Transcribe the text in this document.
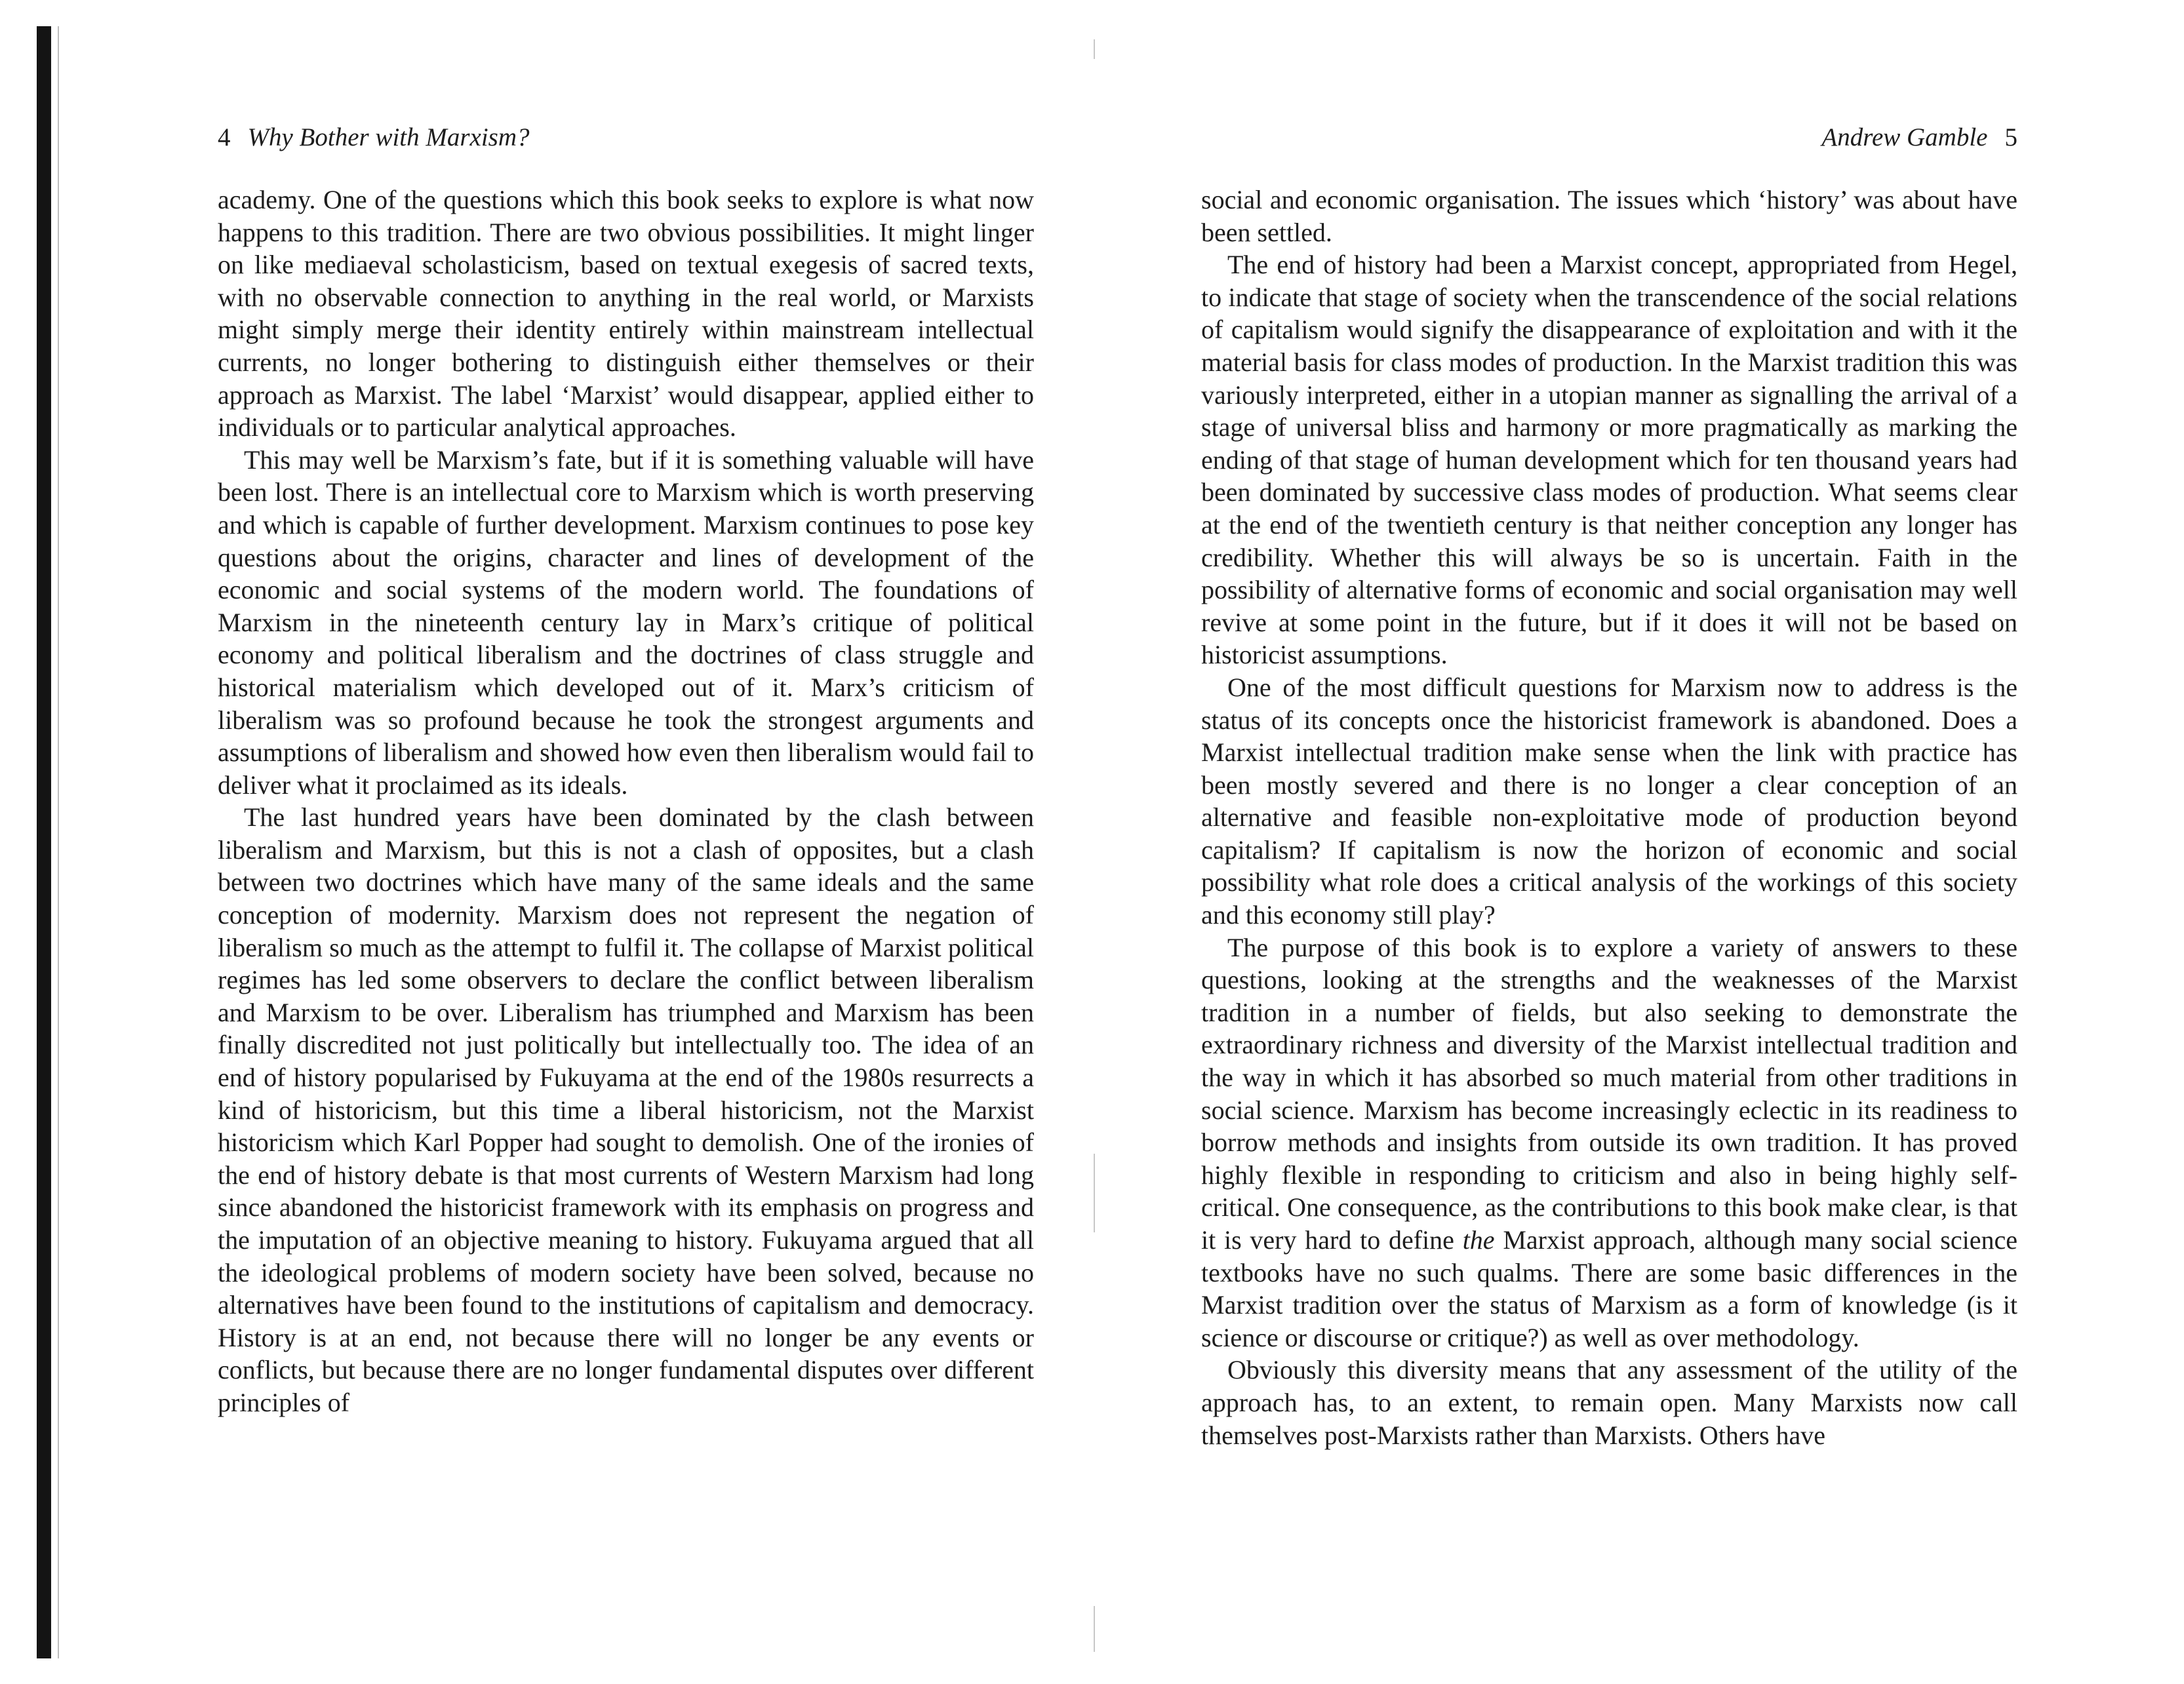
4 Why Bother with Marxism?

academy. One of the questions which this book seeks to explore is what now happens to this tradition. There are two obvious possibilities. It might linger on like mediaeval scholasticism, based on textual exegesis of sacred texts, with no observable connection to anything in the real world, or Marxists might simply merge their identity entirely within mainstream intellectual currents, no longer bothering to distinguish either themselves or their approach as Marxist. The label ‘Marxist’ would disappear, applied either to individuals or to particular analytical approaches.

This may well be Marxism’s fate, but if it is something valuable will have been lost. There is an intellectual core to Marxism which is worth preserving and which is capable of further development. Marxism continues to pose key questions about the origins, character and lines of development of the economic and social systems of the modern world. The foundations of Marxism in the nineteenth century lay in Marx’s critique of political economy and political liberalism and the doctrines of class struggle and historical materialism which developed out of it. Marx’s criticism of liberalism was so profound because he took the strongest arguments and assumptions of liberalism and showed how even then liberalism would fail to deliver what it proclaimed as its ideals.

The last hundred years have been dominated by the clash between liberalism and Marxism, but this is not a clash of opposites, but a clash between two doctrines which have many of the same ideals and the same conception of modernity. Marxism does not represent the negation of liberalism so much as the attempt to fulfil it. The collapse of Marxist political regimes has led some observers to declare the conflict between liberalism and Marxism to be over. Liberalism has triumphed and Marxism has been finally discredited not just politically but intellectually too. The idea of an end of history popularised by Fukuyama at the end of the 1980s resurrects a kind of historicism, but this time a liberal historicism, not the Marxist historicism which Karl Popper had sought to demolish. One of the ironies of the end of history debate is that most currents of Western Marxism had long since abandoned the historicist framework with its emphasis on progress and the imputation of an objective meaning to history. Fukuyama argued that all the ideological problems of modern society have been solved, because no alternatives have been found to the institutions of capitalism and democracy. History is at an end, not because there will no longer be any events or conflicts, but because there are no longer fundamental disputes over different principles of

Andrew Gamble 5

social and economic organisation. The issues which ‘history’ was about have been settled.

The end of history had been a Marxist concept, appropriated from Hegel, to indicate that stage of society when the transcendence of the social relations of capitalism would signify the disappearance of exploitation and with it the material basis for class modes of production. In the Marxist tradition this was variously interpreted, either in a utopian manner as signalling the arrival of a stage of universal bliss and harmony or more pragmatically as marking the ending of that stage of human development which for ten thousand years had been dominated by successive class modes of production. What seems clear at the end of the twentieth century is that neither conception any longer has credibility. Whether this will always be so is uncertain. Faith in the possibility of alternative forms of economic and social organisation may well revive at some point in the future, but if it does it will not be based on historicist assumptions.

One of the most difficult questions for Marxism now to address is the status of its concepts once the historicist framework is abandoned. Does a Marxist intellectual tradition make sense when the link with practice has been mostly severed and there is no longer a clear conception of an alternative and feasible non-exploitative mode of production beyond capitalism? If capitalism is now the horizon of economic and social possibility what role does a critical analysis of the workings of this society and this economy still play?

The purpose of this book is to explore a variety of answers to these questions, looking at the strengths and the weaknesses of the Marxist tradition in a number of fields, but also seeking to demonstrate the extraordinary richness and diversity of the Marxist intellectual tradition and the way in which it has absorbed so much material from other traditions in social science. Marxism has become increasingly eclectic in its readiness to borrow methods and insights from outside its own tradition. It has proved highly flexible in responding to criticism and also in being highly self-critical. One consequence, as the contributions to this book make clear, is that it is very hard to define the Marxist approach, although many social science textbooks have no such qualms. There are some basic differences in the Marxist tradition over the status of Marxism as a form of knowledge (is it science or discourse or critique?) as well as over methodology.

Obviously this diversity means that any assessment of the utility of the approach has, to an extent, to remain open. Many Marxists now call themselves post-Marxists rather than Marxists. Others have
